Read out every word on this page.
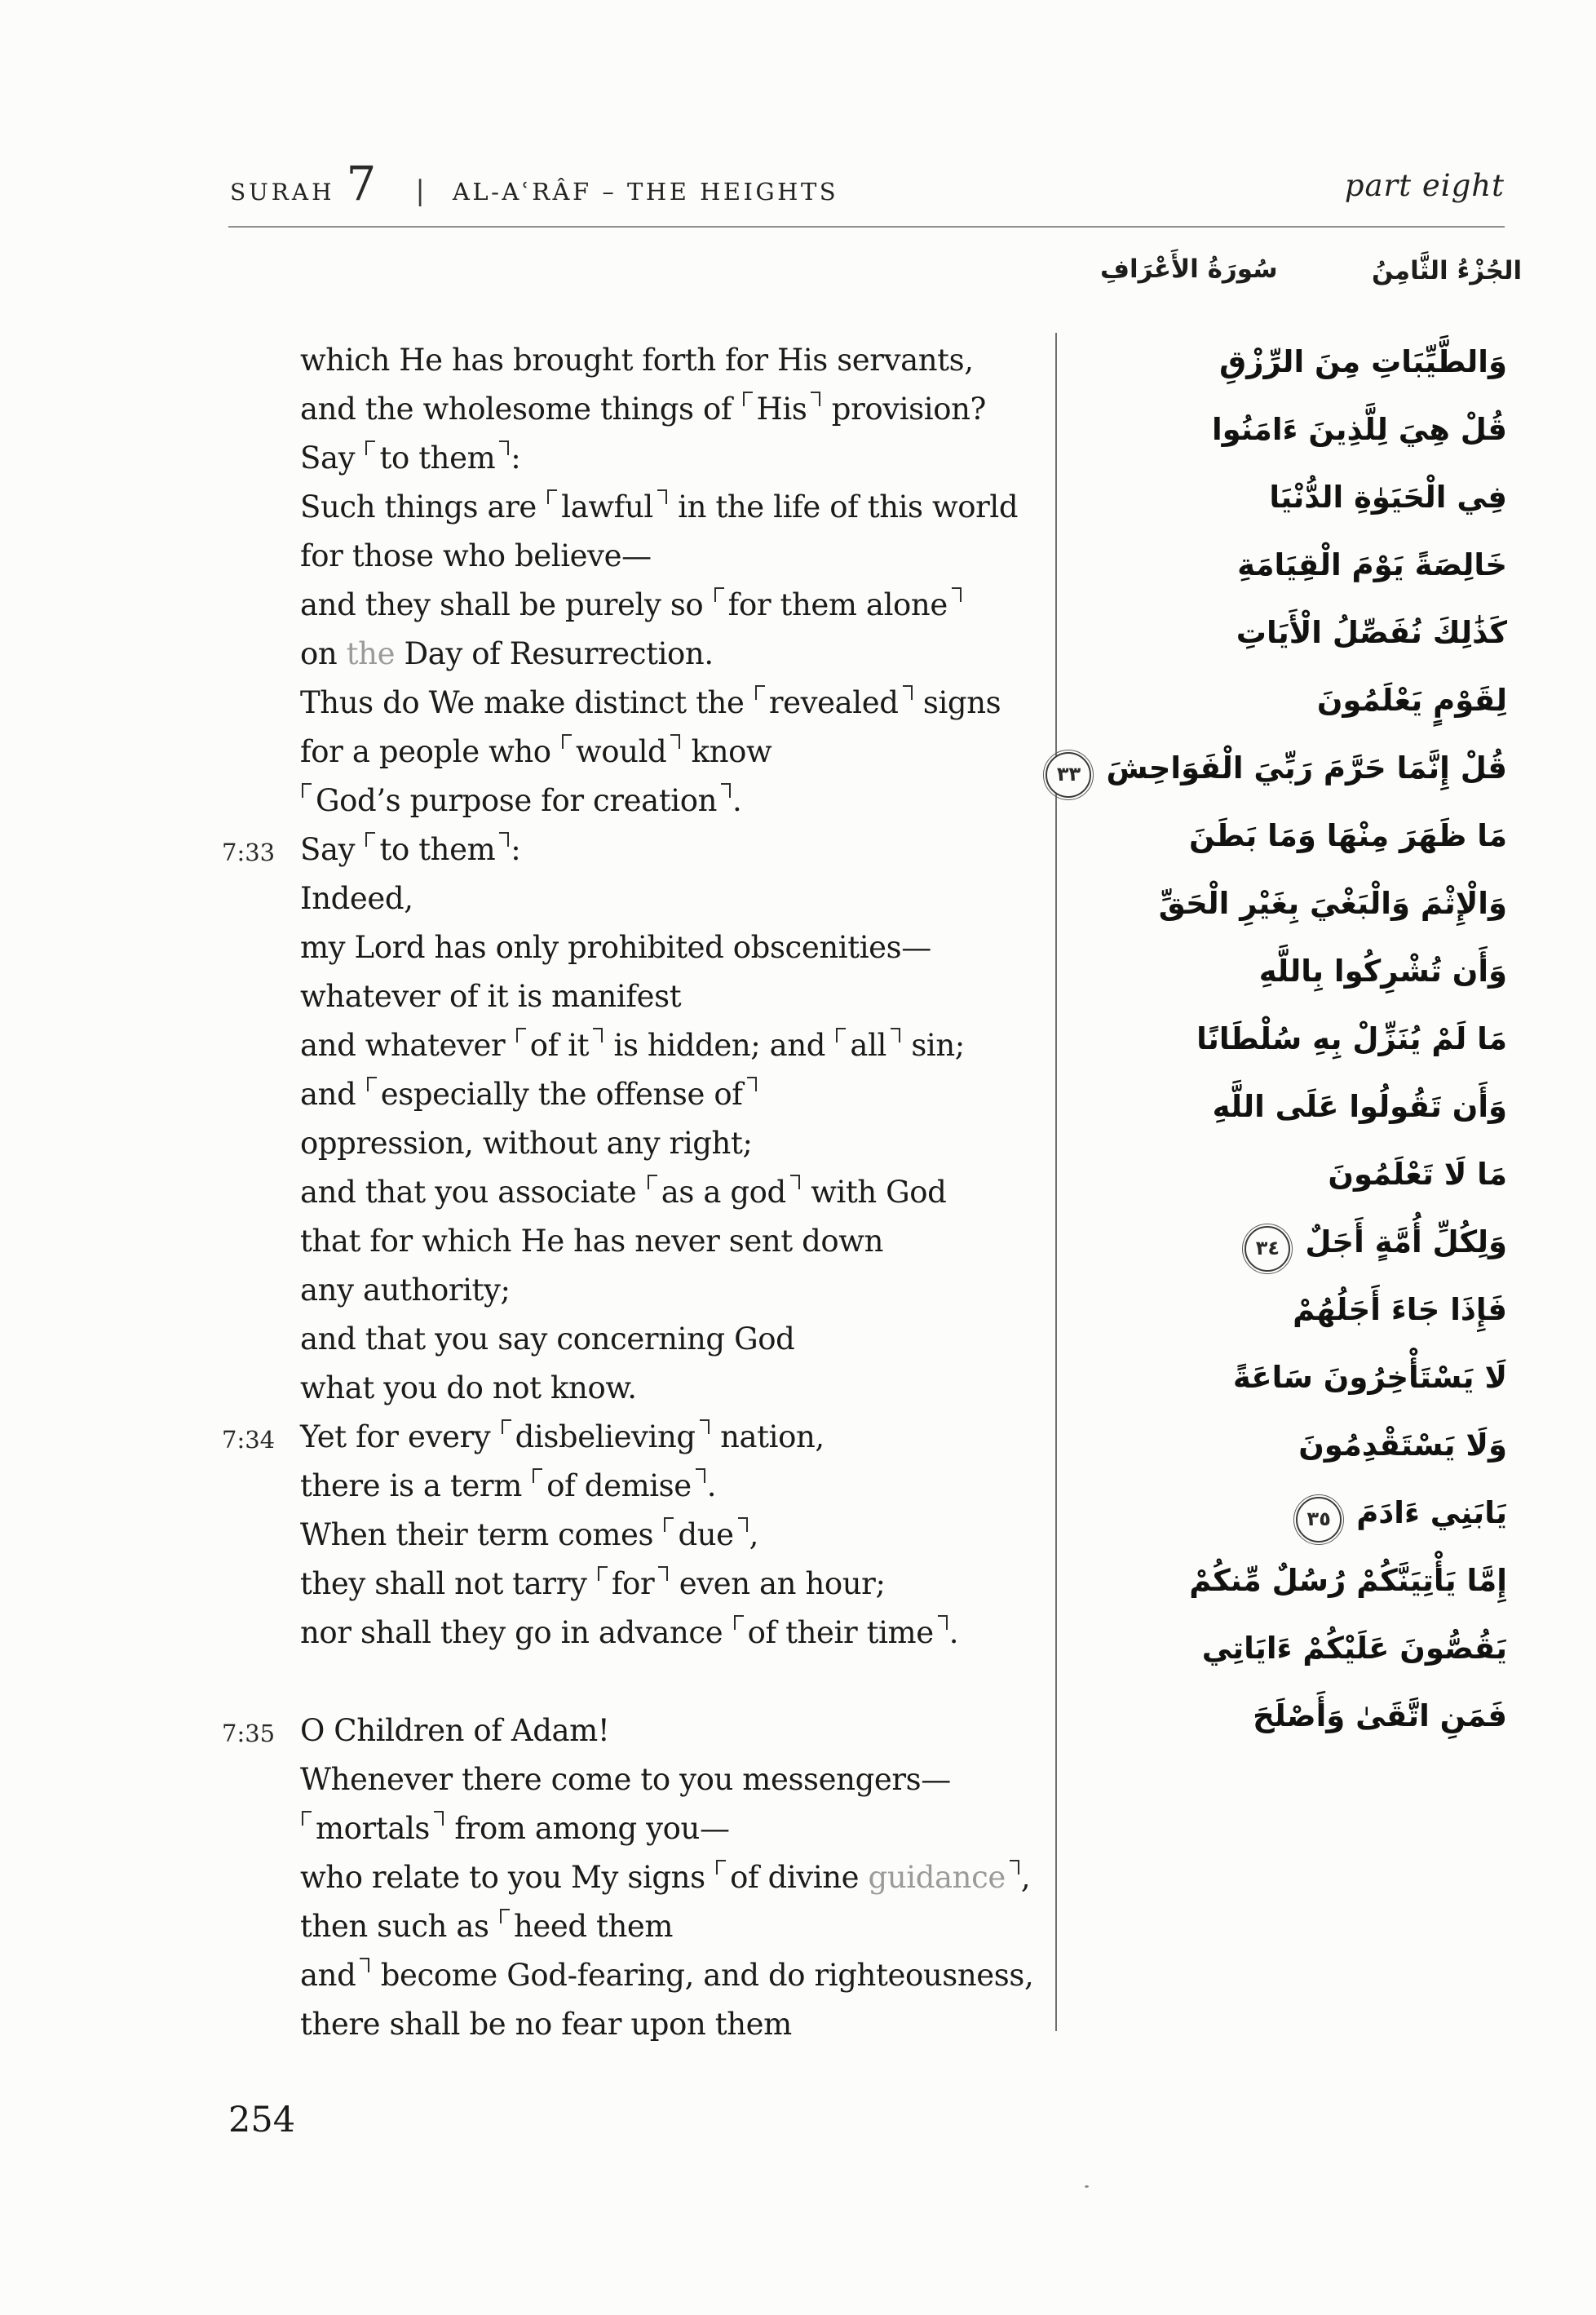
SURAH 7 | AL-AʿRÂF – THE HEIGHTS	part eight
سُورَةُ الأَعْرَافِ	الجُزْءُ الثَّامِنُ
which He has brought forth for His servants,
and the wholesome things of His provision?
Say to them :
Such things are lawful in the life of this world
for those who believe—
and they shall be purely so for them alone
on the Day of Resurrection.
Thus do We make distinct the revealed signs
for a people who would know
God’s purpose for creation .
7:33 Say to them :
Indeed,
my Lord has only prohibited obscenities—
whatever of it is manifest
and whatever of it is hidden; and all sin;
and especially the offense of
oppression, without any right;
and that you associate as a god with God
that for which He has never sent down
any authority;
and that you say concerning God
what you do not know.
7:34 Yet for every disbelieving nation,
there is a term of demise .
When their term comes due ,
they shall not tarry for even an hour;
nor shall they go in advance of their time .
7:35 O Children of Adam!
Whenever there come to you messengers—
mortals from among you—
who relate to you My signs of divine guidance ,
then such as heed them
and become God-fearing, and do righteousness,
there shall be no fear upon them
وَالطَّيِّبَاتِ مِنَ الرِّزْقِ
قُلْ هِيَ لِلَّذِينَ ءَامَنُوا
فِي الْحَيَوٰةِ الدُّنْيَا
خَالِصَةً يَوْمَ الْقِيَامَةِ
كَذَٰلِكَ نُفَصِّلُ الْأَيَاتِ
لِقَوْمٍ يَعْلَمُونَ
قُلْ إِنَّمَا حَرَّمَ رَبِّيَ الْفَوَاحِشَ٣٣
مَا ظَهَرَ مِنْهَا وَمَا بَطَنَ
وَالْإِثْمَ وَالْبَغْيَ بِغَيْرِ الْحَقِّ
وَأَن تُشْرِكُوا بِاللَّهِ
مَا لَمْ يُنَزِّلْ بِهِ سُلْطَانًا
وَأَن تَقُولُوا عَلَى اللَّهِ
مَا لَا تَعْلَمُونَ
وَلِكُلِّ أُمَّةٍ أَجَلٌ٣٤
فَإِذَا جَاءَ أَجَلُهُمْ
لَا يَسْتَأْخِرُونَ سَاعَةً
وَلَا يَسْتَقْدِمُونَ
يَابَنِي ءَادَمَ٣٥
إِمَّا يَأْتِيَنَّكُمْ رُسُلٌ مِّنكُمْ
يَقُصُّونَ عَلَيْكُمْ ءَايَاتِي
فَمَنِ اتَّقَىٰ وَأَصْلَحَ
254
